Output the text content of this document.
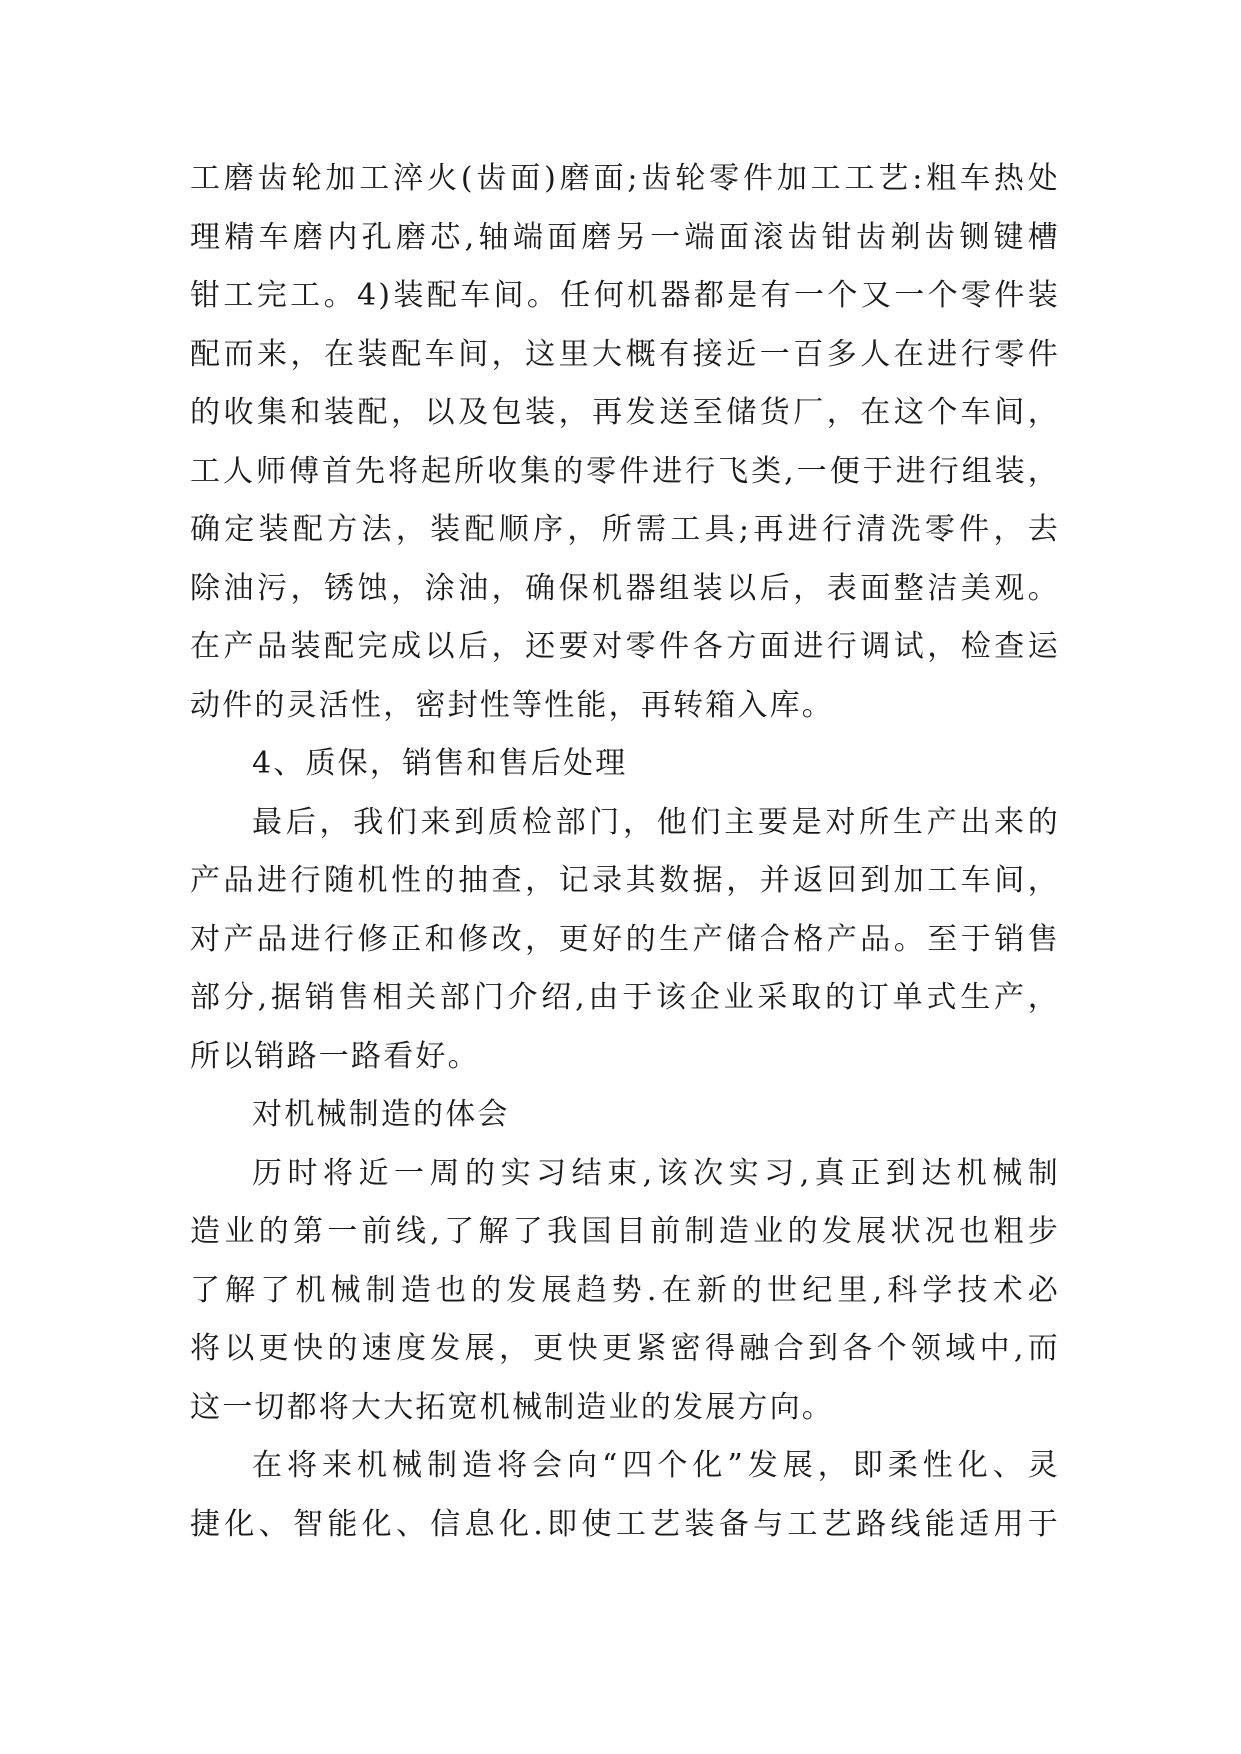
工磨齿轮加工淬火(齿面)磨面;齿轮零件加工工艺:粗车热处
理精车磨内孔磨芯,轴端面磨另一端面滚齿钳齿剃齿铡键槽
钳工完工。4)装配车间。任何机器都是有一个又一个零件装
配而来，在装配车间，这里大概有接近一百多人在进行零件
的收集和装配，以及包装，再发送至储货厂，在这个车间，
工人师傅首先将起所收集的零件进行飞类,一便于进行组装，
确定装配方法，装配顺序，所需工具;再进行清洗零件，去
除油污，锈蚀，涂油，确保机器组装以后，表面整洁美观。
在产品装配完成以后，还要对零件各方面进行调试，检查运
动件的灵活性，密封性等性能，再转箱入库。
4、质保，销售和售后处理
最后，我们来到质检部门，他们主要是对所生产出来的
产品进行随机性的抽查，记录其数据，并返回到加工车间，
对产品进行修正和修改，更好的生产储合格产品。至于销售
部分,据销售相关部门介绍,由于该企业采取的订单式生产，
所以销路一路看好。
对机械制造的体会
历时将近一周的实习结束,该次实习,真正到达机械制
造业的第一前线,了解了我国目前制造业的发展状况也粗步
了解了机械制造也的发展趋势.在新的世纪里,科学技术必
将以更快的速度发展，更快更紧密得融合到各个领域中,而
这一切都将大大拓宽机械制造业的发展方向。
在将来机械制造将会向“四个化”发展，即柔性化、灵
捷化、智能化、信息化.即使工艺装备与工艺路线能适用于
